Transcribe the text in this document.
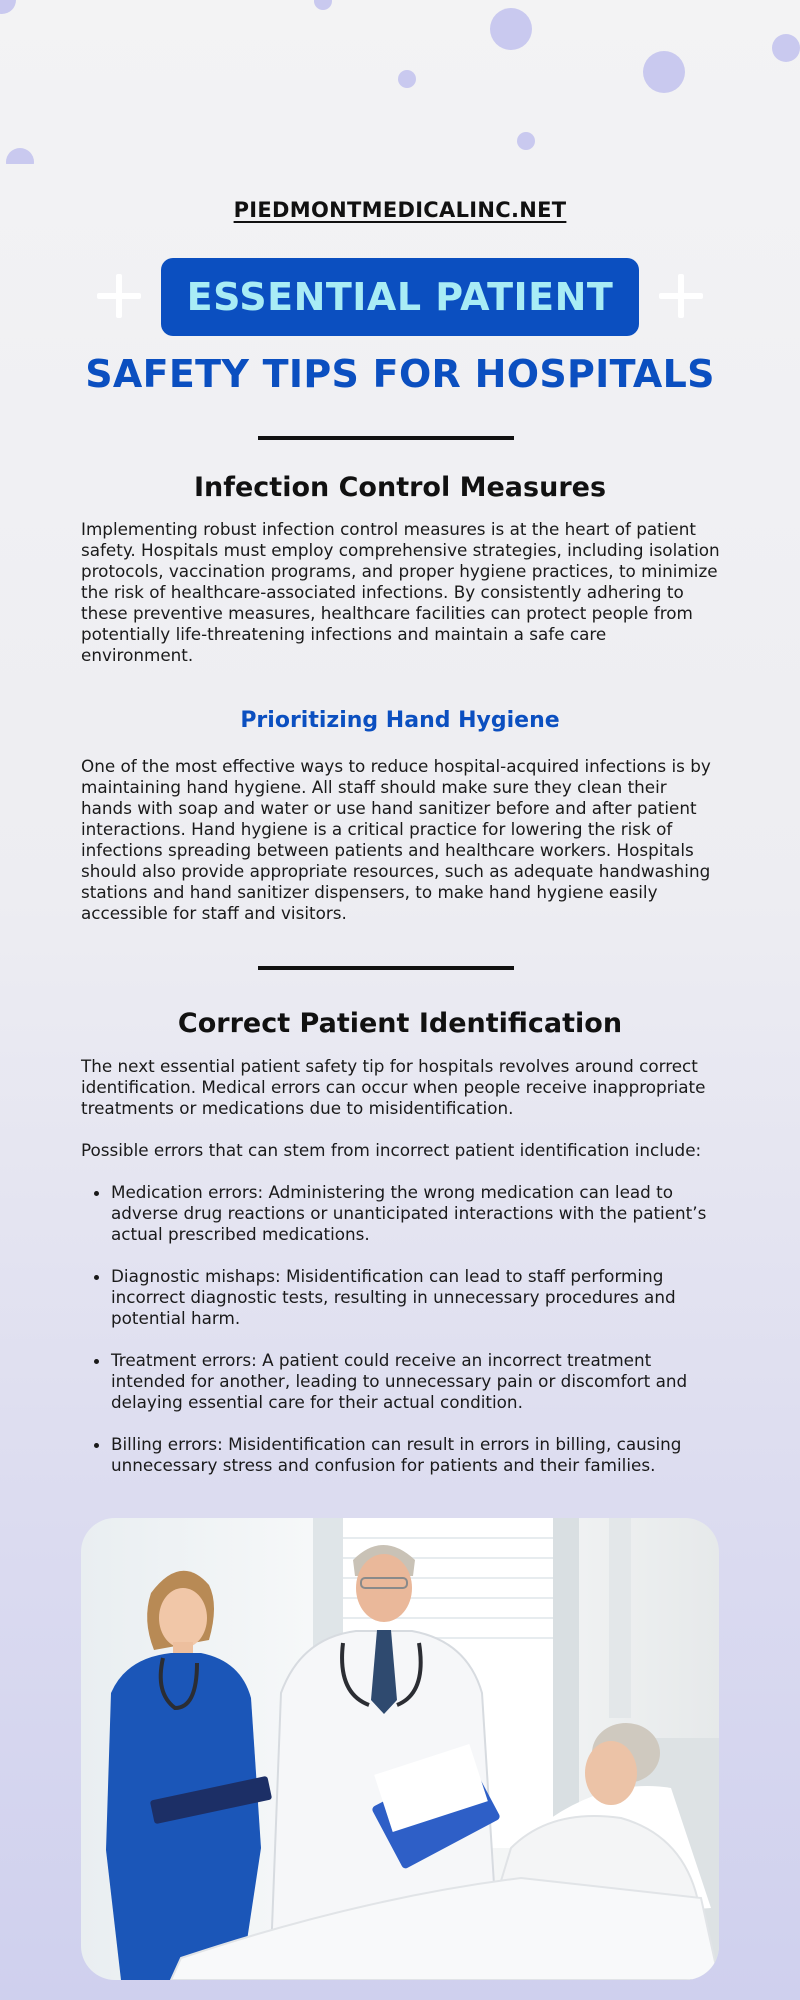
PIEDMONTMEDICALINC.NET
ESSENTIAL PATIENT
SAFETY TIPS FOR HOSPITALS
Infection Control Measures
Implementing robust infection control measures is at the heart of patient safety. Hospitals must employ comprehensive strategies, including isolation protocols, vaccination programs, and proper hygiene practices, to minimize the risk of healthcare-associated infections. By consistently adhering to these preventive measures, healthcare facilities can protect people from potentially life-threatening infections and maintain a safe care environment.
Prioritizing Hand Hygiene
One of the most effective ways to reduce hospital-acquired infections is by maintaining hand hygiene. All staff should make sure they clean their hands with soap and water or use hand sanitizer before and after patient interactions. Hand hygiene is a critical practice for lowering the risk of infections spreading between patients and healthcare workers. Hospitals should also provide appropriate resources, such as adequate handwashing stations and hand sanitizer dispensers, to make hand hygiene easily accessible for staff and visitors.
Correct Patient Identification
The next essential patient safety tip for hospitals revolves around correct identification. Medical errors can occur when people receive inappropriate treatments or medications due to misidentification.
Possible errors that can stem from incorrect patient identification include:
• Medication errors: Administering the wrong medication can lead to adverse drug reactions or unanticipated interactions with the patient’s actual prescribed medications.
• Diagnostic mishaps: Misidentification can lead to staff performing incorrect diagnostic tests, resulting in unnecessary procedures and potential harm.
• Treatment errors: A patient could receive an incorrect treatment intended for another, leading to unnecessary pain or discomfort and delaying essential care for their actual condition.
• Billing errors: Misidentification can result in errors in billing, causing unnecessary stress and confusion for patients and their families.
